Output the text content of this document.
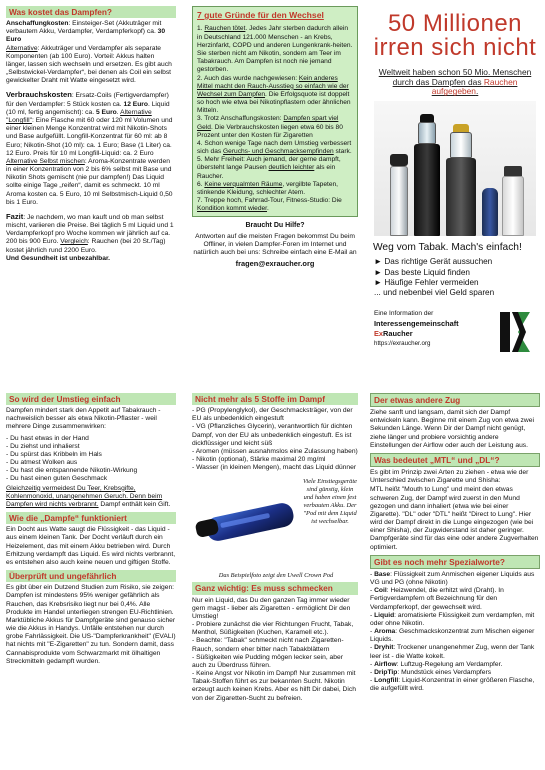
Was kostet das Dampfen?

Anschaffungkosten: Einsteiger-Set (Akkuträger mit verbautem Akku, Verdampfer, Verdampferkopf) ca. 30 Euro
Alternative: Akkuträger und Verdampfer als separate Komponenten (ab 100 Euro). Vorteil: Akkus halten länger, lassen sich wechseln und ersetzen. Es gibt auch „Selbstwickel-Verdampfer“, bei denen als Coil ein selbst gewickelter Draht mit Watte eingesetzt wird.

Verbrauchskosten: Ersatz-Coils (Fertigverdampfer) für den Verdampfer: 5 Stück kosten ca. 12 Euro. Liquid (10 ml, fertig angemischt): ca. 5 Euro. Alternative "Longfill": Eine Flasche mit 60 oder 120 ml Volumen und einer kleinen Menge Konzentrat wird mit Nikotin-Shots und Base aufgefüllt. Longfill-Konzentrat für 60 ml: ab 8 Euro; Nikotin-Shot (10 ml): ca. 1 Euro; Base (1 Liter) ca. 12 Euro. Preis für 10 ml Longfill-Liquid: ca. 2 Euro Alternative Selbst mischen: Aroma-Konzentrate werden in einer Konzentration von 2 bis 6% selbst mit Base und Nikotin Shots gemischt (nie pur dampfen!) Das Liquid sollte einige Tage „reifen“, damit es schmeckt. 10 ml Aroma kosten ca. 5 Euro, 10 ml Selbstmisch-Liquid 0,50 bis 1 Euro.

Fazit: Je nachdem, wo man kauft und ob man selbst mischt, variieren die Preise. Bei täglich 5 ml Liquid und 1 Verdampferkopf pro Woche kommen wir jährlich auf ca. 200 bis 900 Euro. Vergleich: Rauchen (bei 20 St./Tag) kostet jährlich rund 2200 Euro.
Und Gesundheit ist unbezahlbar.

7 gute Gründe für den Wechsel
1. Rauchen tötet. Jedes Jahr sterben dadurch allein in Deutschland 121.000 Menschen - an Krebs, Herzinfarkt, COPD und anderen Lungenkrank-heiten. Sie sterben nicht am Nikotin, sondern am Teer im Tabakrauch. Am Dampfen ist noch nie jemand gestorben.
2. Auch das wurde nachgewiesen: Kein anderes Mittel macht den Rauch-Ausstieg so einfach wie der Wechsel zum Dampfen. Die Erfolgsquote ist doppelt so hoch wie etwa bei Nikotinpflastern oder ähnlichen Mitteln.
3. Trotz Anschaffungskosten: Dampfen spart viel Geld. Die Verbrauchskosten liegen etwa 60 bis 80 Prozent unter den Kosten für Zigaretten
4. Schon wenige Tage nach dem Umstieg verbessert sich das Geruchs- und Geschmacksempfinden stark.
5. Mehr Freiheit: Auch jemand, der gerne dampft, übersteht lange Pausen deutlich leichter als ein Raucher.
6. Keine verqualmten Räume, vergilbte Tapeten, stinkende Kleidung, schlechter Atem.
7. Treppe hoch, Fahrrad-Tour, Fitness-Studio: Die Kondition kommt wieder.
Braucht Du Hilfe?
Antworten auf die meisten Fragen bekommst Du beim Offliner, in vielen Dampfer-Foren im Internet und natürlich auch bei uns: Schreibe einfach eine E-Mail an
fragen@exraucher.org
50 Millionen
irren sich nicht
Weltweit haben schon 50 Mio. Menschen durch das Dampfen das Rauchen aufgegeben.
Weg vom Tabak. Mach's einfach!
► Das richtige Gerät aussuchen
► Das beste Liquid finden
► Häufige Fehler vermeiden
... und nebenbei viel Geld sparen
Eine Information der
Interessengemeinschaft
ExRaucher
https://exraucher.org
So wird der Umstieg einfach

Dampfen mindert stark den Appetit auf Tabakrauch - nachweislich besser als etwa Nikotin-Pflaster - weil mehrere Dinge zusammenwirken:

- Du hast etwas in der Hand
- Du ziehst und inhalierst
- Du spürst das Kribbeln im Hals
- Du atmest Wolken aus
- Du hast die entspannende Nikotin-Wirkung
- Du hast einen guten Geschmack

Gleichzeitig vermeidest Du Teer, Krebsgifte, Kohlenmonoxid, unangenehmen Geruch. Denn beim Dampfen wird nichts verbrannt. Dampf enthält kein Gift.

Wie die „Dampfe“ funktioniert

Ein Docht aus Watte saugt die Flüssigkeit - das Liquid - aus einem kleinen Tank. Der Docht verläuft durch ein Heizelement, das mit einem Akku betrieben wird. Durch Erhitzung verdampft das Liquid. Es wird nichts verbrannt, es entstehen also auch keine neuen und giftigen Stoffe.

Überprüft und ungefährlich

Es gibt über ein Dutzend Studien zum Risiko, sie zeigen: Dampfen ist mindestens 95% weniger gefährlich als Rauchen, das Krebsrisiko liegt nur bei 0,4%. Alle Produkte im Handel unterliegen strengen EU-Richtlinien. Marktübliche Akkus für Dampfgeräte sind genauso sicher wie die Akkus in Handys. Unfälle entstehen nur durch grobe Fahrlässigkeit. Die US-"Dampferkrankheit" (EVALI) hat nichts mit "E-Zigaretten" zu tun. Sondern damit, dass Cannabisprodukte vom Schwarzmarkt mit ölhaltigen Streckmitteln gedampft wurden.

Nicht mehr als 5 Stoffe im Dampf
- PG (Propylenglykol), der Geschmacksträger, von der EU als unbedenklich eingestuft
- VG (Pflanzliches Glycerin), verantwortlich für dichten Dampf, von der EU als unbedenklich eingestuft. Es ist dickflüssiger und leicht süß
- Aromen (müssen ausnahmslos eine Zulassung haben)
- Nikotin (optional), Stärke maximal 20 mg/ml
- Wasser (in kleinen Mengen), macht das Liquid dünner
Viele Einstiegsgeräte sind günstig, klein und haben einen fest verbauten Akku. Der "Pod mit dem Liquid ist wechselbar.
Das Beispielfoto zeigt den Uwell Crown Pod
Ganz wichtig: Es muss schmecken
Nur ein Liquid, das Du den ganzen Tag immer wieder gern magst - lieber als Zigaretten - ermöglicht Dir den Umstieg!
- Probiere zunächst die vier Richtungen Frucht, Tabak, Menthol, Süßigkeiten (Kuchen, Karamell etc.).
- Beachte: "Tabak" schmeckt nicht nach Zigaretten-Rauch, sondern eher bitter nach Tabakblättern
- Süßigkeiten wie Pudding mögen lecker sein, aber auch zu Überdruss führen.
- Keine Angst vor Nikotin im Dampf! Nur zusammen mit Tabak-Stoffen führt es zur bekannten Sucht. Nikotin erzeugt auch keinen Krebs. Aber es hilft Dir dabei, Dich von der Zigaretten-Sucht zu befreien.
Der etwas andere Zug

Ziehe sanft und langsam, damit sich der Dampf entwickeln kann. Beginne mit einem Zug von etwa zwei Sekunden Länge. Wenn Dir der Dampf nicht genügt, ziehe länger und probiere vorsichtig andere Einstellungen der Airflow oder auch der Leistung aus.

Was bedeutet „MTL“ und „DL“?

Es gibt im Prinzip zwei Arten zu ziehen - etwa wie der Unterschied zwischen Zigarette und Shisha:

MTL heißt "Mouth to Lung" und meint den etwas schweren Zug, der Dampf wird zuerst in den Mund gezogen und dann inhaliert (etwa wie bei einer Zigarette). "DL" oder "DTL" heißt "Direct to Lung". Hier wird der Dampf direkt in die Lunge eingezogen (wie bei einer Shisha), der Zugwiderstand ist daher geringer. Dampfgeräte sind für das eine oder andere Zugverhalten optimiert.

Gibt es noch mehr Spezialworte?
- Base: Flüssigkeit zum Anmischen eigener Liquids aus VG und PG (ohne Nikotin)
- Coil: Heizwendel, die erhitzt wird (Draht). In Fertigverdampfern oft Bezeichnung für den Verdampferkopf, der gewechselt wird.
- Liquid: aromatisierte Flüssigkeit zum verdampfen, mit oder ohne Nikotin.
- Aroma: Geschmackskonzentrat zum Mischen eigener Liquids.
- Dryhit: Trockener unangenehmer Zug, wenn der Tank leer ist - die Watte kokelt.
- Airflow: Luftzug-Regelung am Verdampfer.
- DripTip: Mundstück eines Verdampfers
- Longfill: Liquid-Konzentrat in einer größeren Flasche, die aufgefüllt wird.
